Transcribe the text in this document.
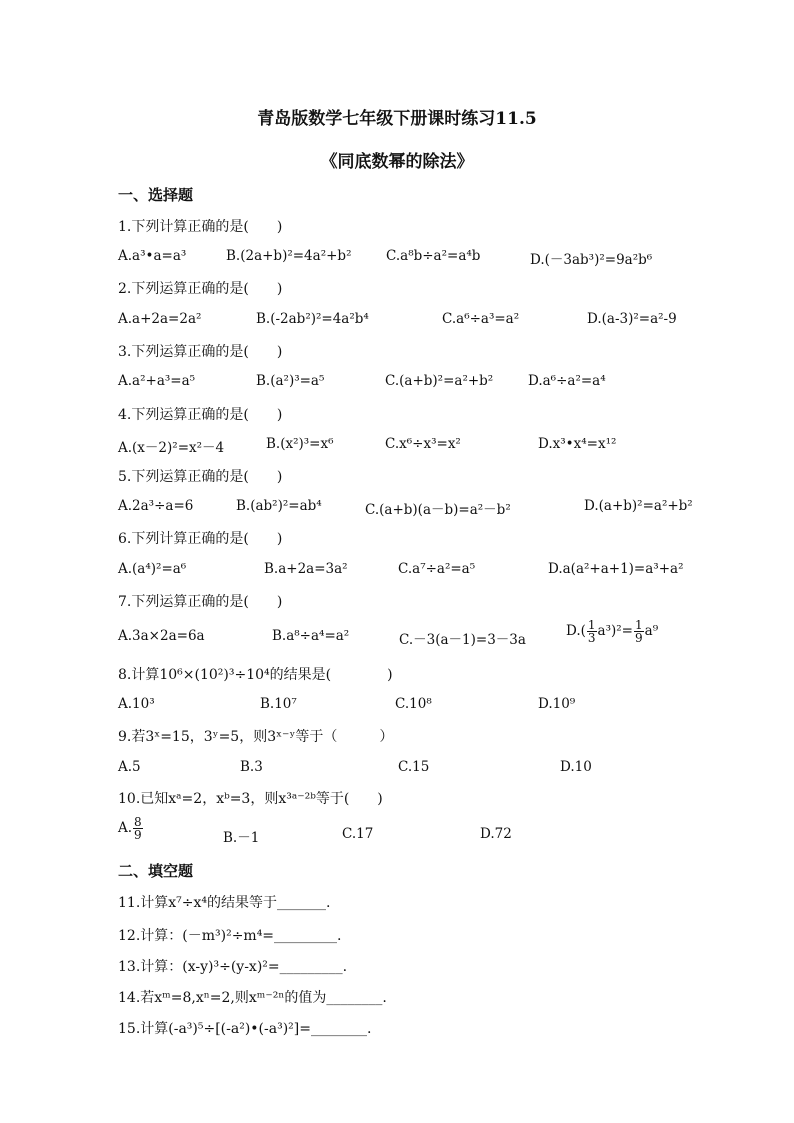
青岛版数学七年级下册课时练习11.5
《同底数幂的除法》
一、选择题
1.下列计算正确的是(　　)
A.a³•a=a³	B.(2a+b)²=4a²+b²	C.a⁸b÷a²=a⁴b	D.(－3ab³)²=9a²b⁶
2.下列运算正确的是(　　)
A.a+2a=2a²	B.(-2ab²)²=4a²b⁴	C.a⁶÷a³=a²	D.(a-3)²=a²-9
3.下列运算正确的是(　　)
A.a²+a³=a⁵	B.(a²)³=a⁵	C.(a+b)²=a²+b²	D.a⁶÷a²=a⁴
4.下列运算正确的是(　　)
A.(x－2)²=x²－4	B.(x²)³=x⁶	C.x⁶÷x³=x²	D.x³•x⁴=x¹²
5.下列运算正确的是(　　)
A.2a³÷a=6	B.(ab²)²=ab⁴	C.(a+b)(a－b)=a²－b²	D.(a+b)²=a²+b²
6.下列计算正确的是(　　)
A.(a⁴)²=a⁶	B.a+2a=3a²	C.a⁷÷a²=a⁵	D.a(a²+a+1)=a³+a²
7.下列运算正确的是(　　)
A.3a×2a=6a	B.a⁸÷a⁴=a²	C.－3(a－1)=3－3a
$D.( \frac{1}{3} a^3)^2= \frac{1}{9} a^9$
8.计算10⁶×(10²)³÷10⁴的结果是(　　　　)
A.10³	B.10⁷	C.10⁸	D.10⁹
9.若3ˣ=15，3ʸ=5，则3ˣ⁻ʸ等于（　　　）
A.5	B.3	C.15	D.10
10.已知xᵃ=2，xᵇ=3，则x³ᵃ⁻²ᵇ等于(　　)
A. $\frac{8}{9}$	B.－1	C.17	D.72
二、填空题
11.计算x⁷÷x⁴的结果等于_______.
12.计算：(－m³)²÷m⁴=_________.
13.计算：(x-y)³÷(y-x)²=_________.
14.若xᵐ=8,xⁿ=2,则xᵐ⁻²ⁿ的值为________.
15.计算(-a³)⁵÷[(-a²)•(-a³)²]=________.
